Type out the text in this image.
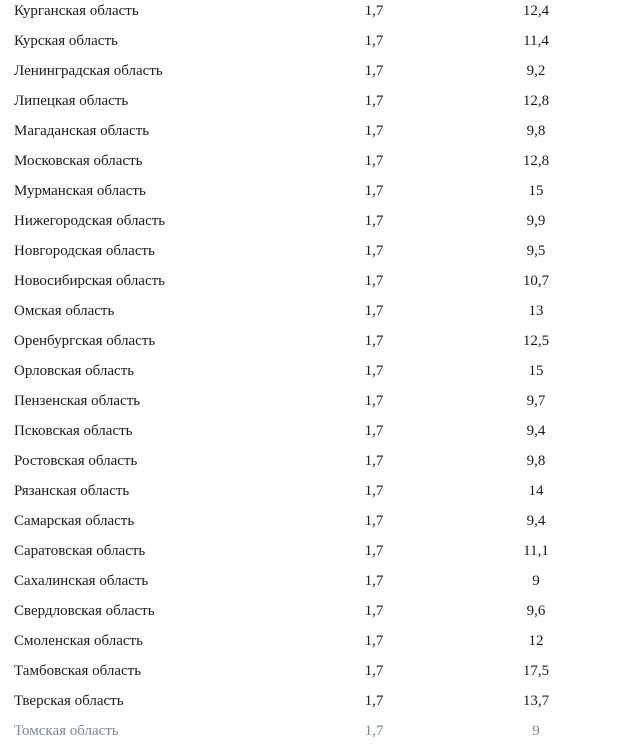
Курганская область	1,7	12,4
Курская область	1,7	11,4
Ленинградская область	1,7	9,2
Липецкая область	1,7	12,8
Магаданская область	1,7	9,8
Московская область	1,7	12,8
Мурманская область	1,7	15
Нижегородская область	1,7	9,9
Новгородская область	1,7	9,5
Новосибирская область	1,7	10,7
Омская область	1,7	13
Оренбургская область	1,7	12,5
Орловская область	1,7	15
Пензенская область	1,7	9,7
Псковская область	1,7	9,4
Ростовская область	1,7	9,8
Рязанская область	1,7	14
Самарская область	1,7	9,4
Саратовская область	1,7	11,1
Сахалинская область	1,7	9
Свердловская область	1,7	9,6
Смоленская область	1,7	12
Тамбовская область	1,7	17,5
Тверская область	1,7	13,7
Томская область	1,7	9
